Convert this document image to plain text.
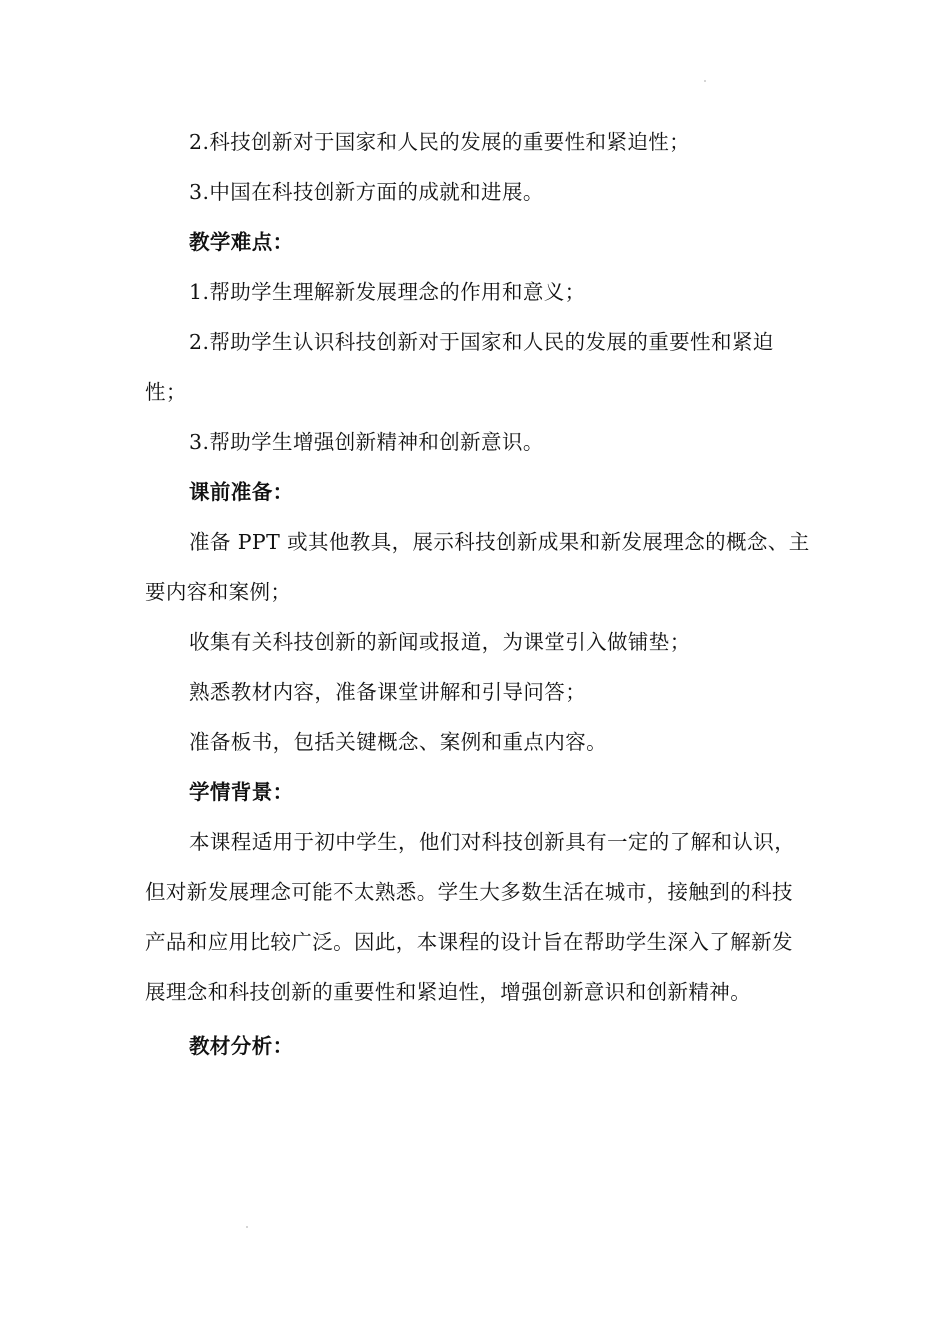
2.科技创新对于国家和人民的发展的重要性和紧迫性；

3.中国在科技创新方面的成就和进展。

教学难点：

1.帮助学生理解新发展理念的作用和意义；

2.帮助学生认识科技创新对于国家和人民的发展的重要性和紧迫性；

3.帮助学生增强创新精神和创新意识。

课前准备：

准备 PPT 或其他教具，展示科技创新成果和新发展理念的概念、主要内容和案例；

收集有关科技创新的新闻或报道，为课堂引入做铺垫；

熟悉教材内容，准备课堂讲解和引导问答；

准备板书，包括关键概念、案例和重点内容。

学情背景：

本课程适用于初中学生，他们对科技创新具有一定的了解和认识，但对新发展理念可能不太熟悉。学生大多数生活在城市，接触到的科技产品和应用比较广泛。因此，本课程的设计旨在帮助学生深入了解新发展理念和科技创新的重要性和紧迫性，增强创新意识和创新精神。

教材分析：
